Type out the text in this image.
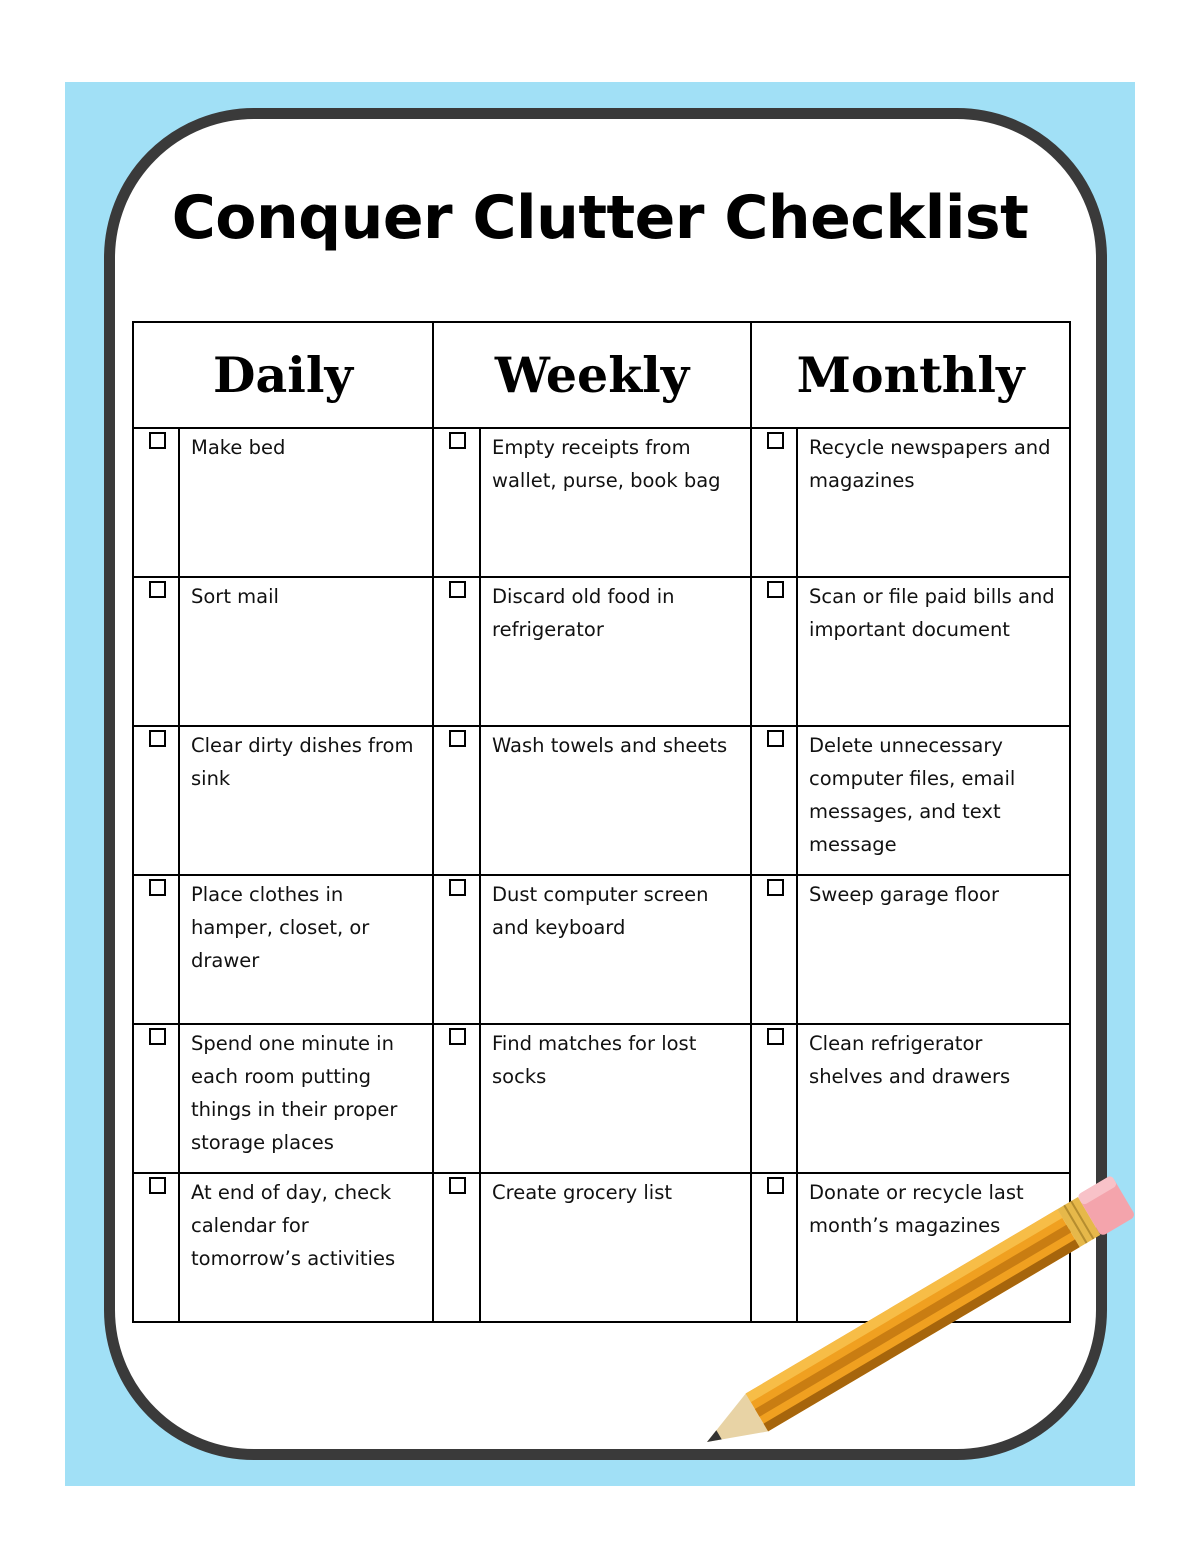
Conquer Clutter Checklist
Daily		Weekly		Monthly	

	Make bed		Empty receipts from wallet, purse, book bag		Recycle newspapers and magazines

	Sort mail		Discard old food in refrigerator		Scan or file paid bills and important document

	Clear dirty dishes from sink		Wash towels and sheets		Delete unnecessary computer files, email messages, and text message

	Place clothes in hamper, closet, or drawer		Dust computer screen and keyboard		Sweep garage floor

	Spend one minute in each room putting things in their proper storage places		Find matches for lost socks		Clean refrigerator shelves and drawers

	At end of day, check calendar for tomorrow’s activities		Create grocery list		Donate or recycle last month’s magazines
